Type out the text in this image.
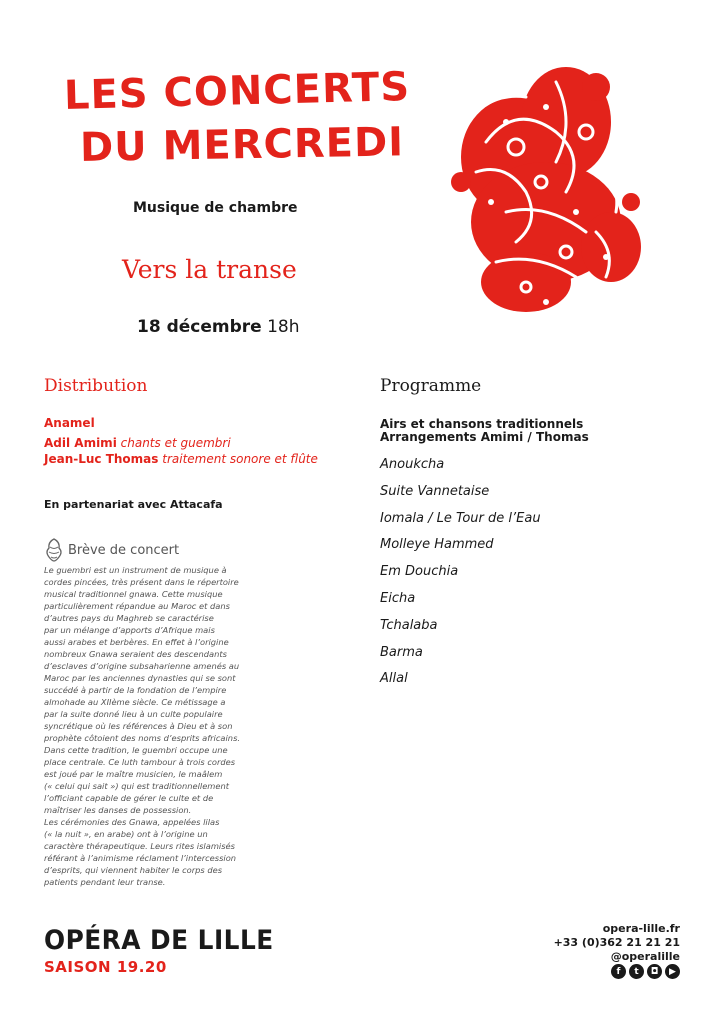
LES CONCERTS
DU MERCREDI
Musique de chambre
Vers la transe
18 décembre 18h
Distribution
Anamel
Adil Amimi chants et guembri
Jean-Luc Thomas traitement sonore et flûte
En partenariat avec Attacafa
Brève de concert
Le guembri est un instrument de musique à
cordes pincées, très présent dans le répertoire
musical traditionnel gnawa. Cette musique
particulièrement répandue au Maroc et dans
d’autres pays du Maghreb se caractérise
par un mélange d’apports d’Afrique mais
aussi arabes et berbères. En effet à l’origine
nombreux Gnawa seraient des descendants
d’esclaves d’origine subsaharienne amenés au
Maroc par les anciennes dynasties qui se sont
succédé à partir de la fondation de l’empire
almohade au XIIème siècle. Ce métissage a
par la suite donné lieu à un culte populaire
syncrétique où les références à Dieu et à son
prophète côtoient des noms d’esprits africains.
Dans cette tradition, le guembri occupe une
place centrale. Ce luth tambour à trois cordes
est joué par le maître musicien, le maâlem
(« celui qui sait ») qui est traditionnellement
l’officiant capable de gérer le culte et de
maîtriser les danses de possession.
Les cérémonies des Gnawa, appelées lilas
(« la nuit », en arabe) ont à l’origine un
caractère thérapeutique. Leurs rites islamisés
référant à l’animisme réclament l’intercession
d’esprits, qui viennent habiter le corps des
patients pendant leur transe.
Programme
Airs et chansons traditionnels
Arrangements Amimi / Thomas
Anoukcha
Suite Vannetaise
Iomala / Le Tour de l’Eau
Molleye Hammed
Em Douchia
Eicha
Tchalaba
Barma
Allal
OPÉRA DE LILLE
SAISON 19.20
opera-lille.fr
+33 (0)362 21 21 21
@operalille
f	t	◘	▶
